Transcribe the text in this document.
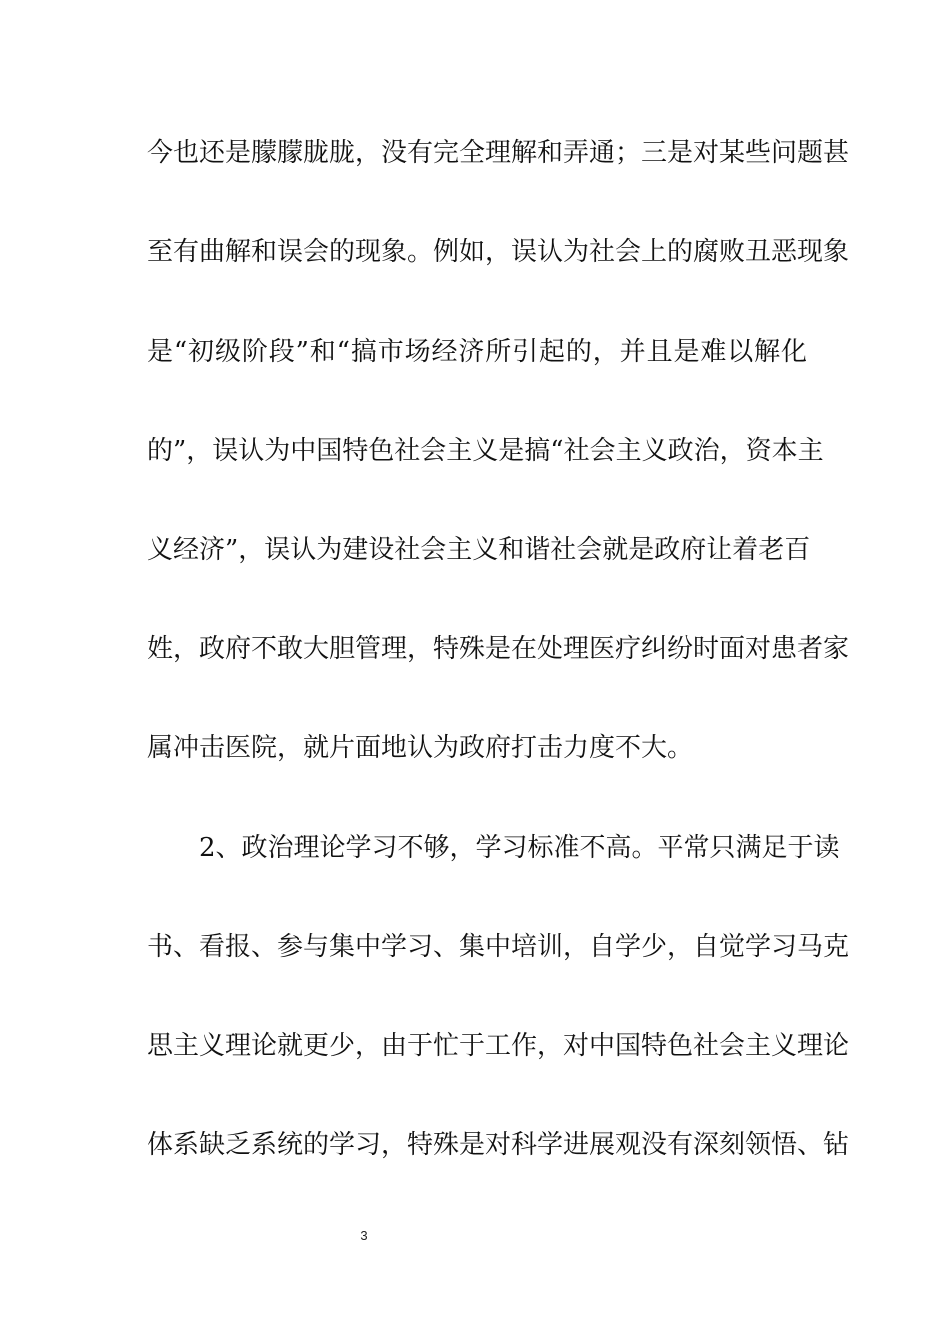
今也还是朦朦胧胧，没有完全理解和弄通；三是对某些问题甚
至有曲解和误会的现象。例如，误认为社会上的腐败丑恶现象
是“初级阶段”和“搞市场经济所引起的，并且是难以解化
的”，误认为中国特色社会主义是搞“社会主义政治，资本主
义经济”，误认为建设社会主义和谐社会就是政府让着老百
姓，政府不敢大胆管理，特殊是在处理医疗纠纷时面对患者家
属冲击医院，就片面地认为政府打击力度不大。
2、政治理论学习不够，学习标准不高。平常只满足于读
书、看报、参与集中学习、集中培训，自学少，自觉学习马克
思主义理论就更少，由于忙于工作，对中国特色社会主义理论
体系缺乏系统的学习，特殊是对科学进展观没有深刻领悟、钻
3
